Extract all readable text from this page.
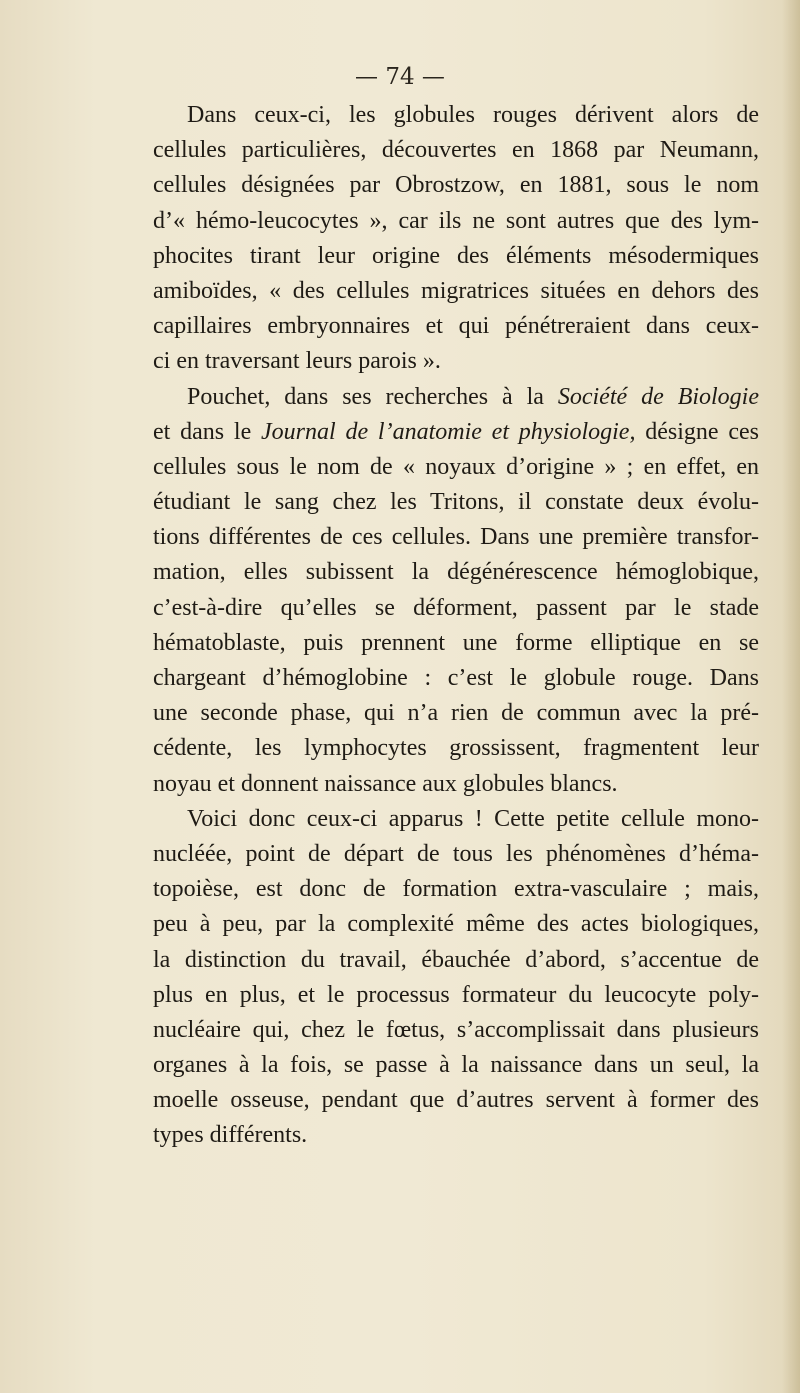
— 74 —
Dans ceux-ci, les globules rouges dérivent alors de
cellules particulières, découvertes en 1868 par Neumann,
cellules désignées par Obrostzow, en 1881, sous le nom
d’« hémo-leucocytes », car ils ne sont autres que des lym-
phocites tirant leur origine des éléments mésodermiques
amiboïdes, « des cellules migratrices situées en dehors des
capillaires embryonnaires et qui pénétreraient dans ceux-
ci en traversant leurs parois ».
Pouchet, dans ses recherches à la Société de Biologie
et dans le Journal de l’anatomie et physiologie, désigne ces
cellules sous le nom de « noyaux d’origine » ; en effet, en
étudiant le sang chez les Tritons, il constate deux évolu-
tions différentes de ces cellules. Dans une première transfor-
mation, elles subissent la dégénérescence hémoglobique,
c’est-à-dire qu’elles se déforment, passent par le stade
hématoblaste, puis prennent une forme elliptique en se
chargeant d’hémoglobine : c’est le globule rouge. Dans
une seconde phase, qui n’a rien de commun avec la pré-
cédente, les lymphocytes grossissent, fragmentent leur
noyau et donnent naissance aux globules blancs.
Voici donc ceux-ci apparus ! Cette petite cellule mono-
nucléée, point de départ de tous les phénomènes d’héma-
topoièse, est donc de formation extra-vasculaire ; mais,
peu à peu, par la complexité même des actes biologiques,
la distinction du travail, ébauchée d’abord, s’accentue de
plus en plus, et le processus formateur du leucocyte poly-
nucléaire qui, chez le fœtus, s’accomplissait dans plusieurs
organes à la fois, se passe à la naissance dans un seul, la
moelle osseuse, pendant que d’autres servent à former des
types différents.
